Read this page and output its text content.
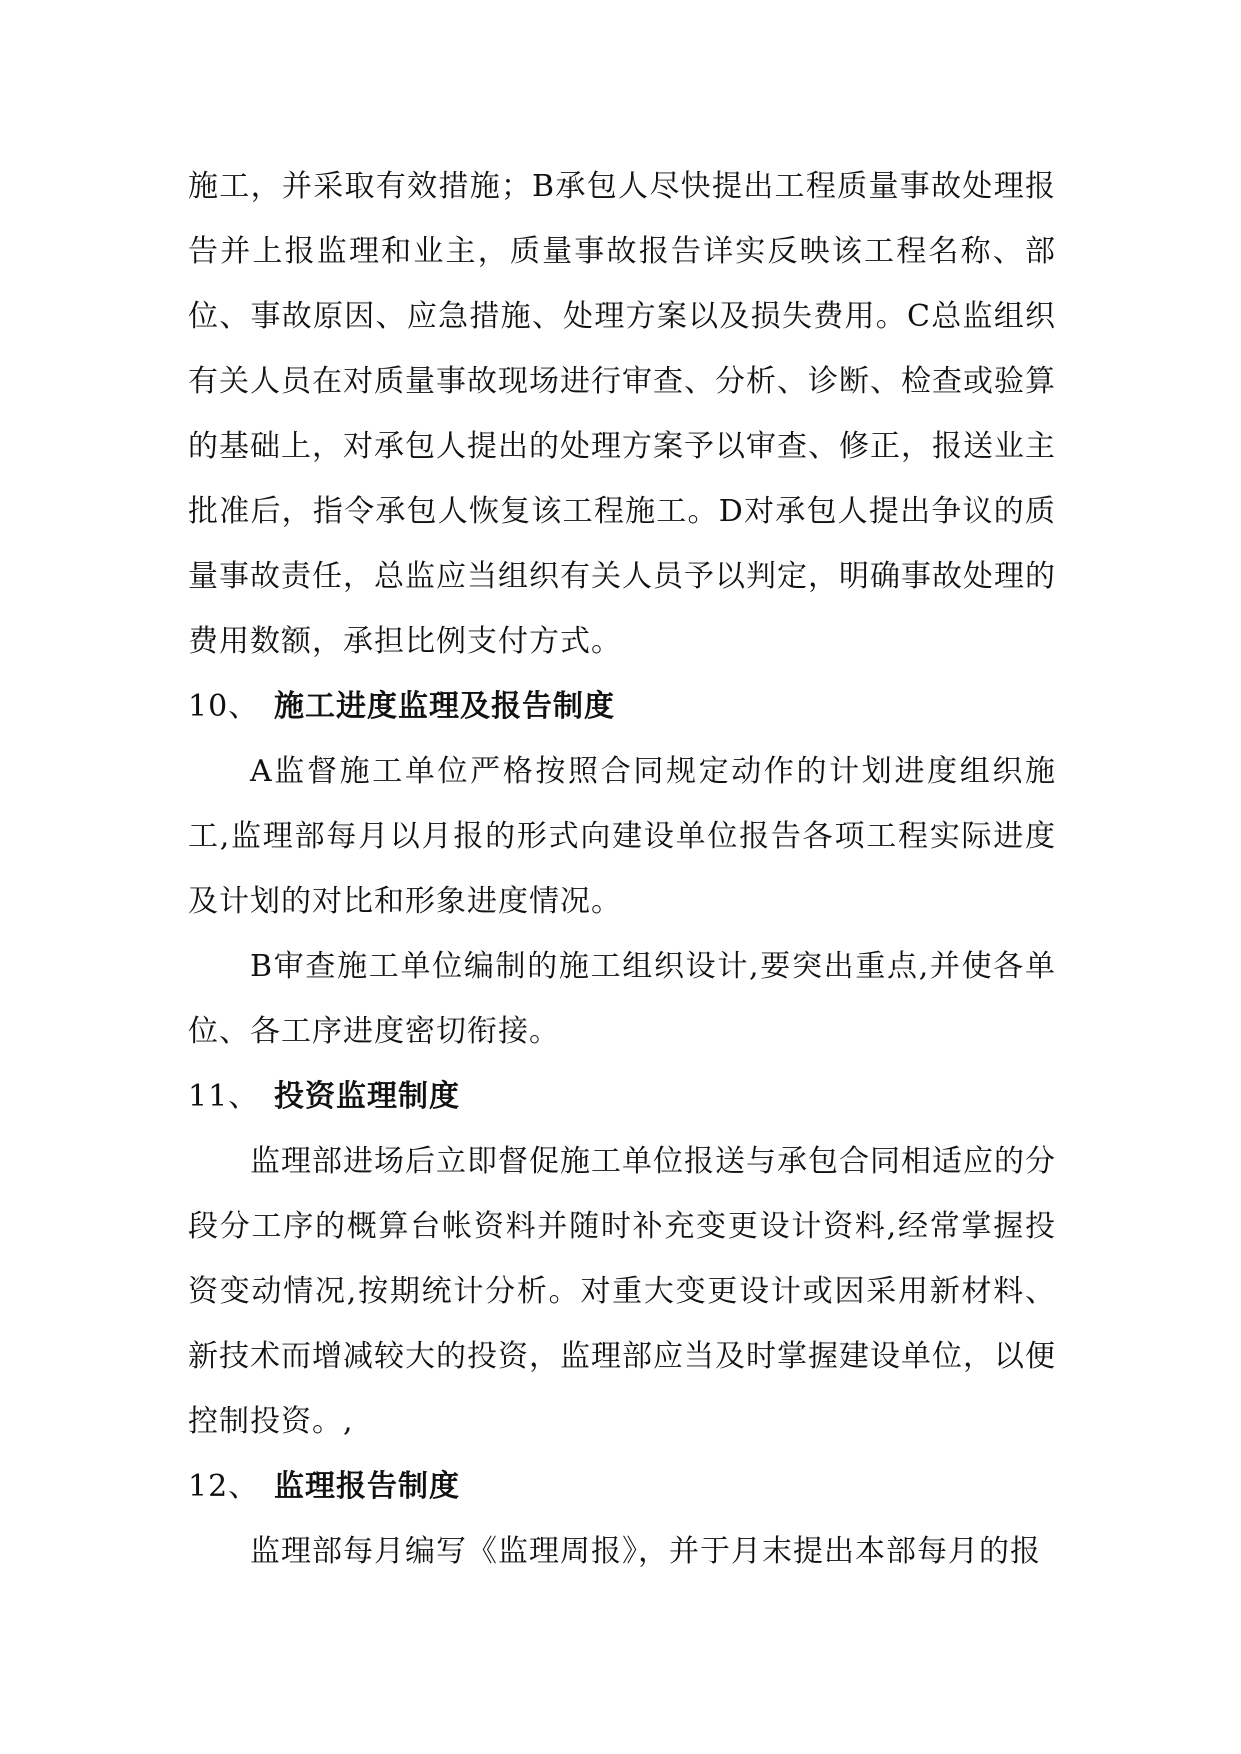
施工，并采取有效措施；B承包人尽快提出工程质量事故处理报告并上报监理和业主，质量事故报告详实反映该工程名称、部位、事故原因、应急措施、处理方案以及损失费用。C总监组织有关人员在对质量事故现场进行审查、分析、诊断、检查或验算的基础上，对承包人提出的处理方案予以审查、修正，报送业主批准后，指令承包人恢复该工程施工。D对承包人提出争议的质量事故责任，总监应当组织有关人员予以判定，明确事故处理的费用数额，承担比例支付方式。

10、 施工进度监理及报告制度

A监督施工单位严格按照合同规定动作的计划进度组织施工,监理部每月以月报的形式向建设单位报告各项工程实际进度及计划的对比和形象进度情况。

B审查施工单位编制的施工组织设计,要突出重点,并使各单位、各工序进度密切衔接。

11、 投资监理制度

监理部进场后立即督促施工单位报送与承包合同相适应的分段分工序的概算台帐资料并随时补充变更设计资料,经常掌握投资变动情况,按期统计分析。对重大变更设计或因采用新材料、新技术而增减较大的投资，监理部应当及时掌握建设单位，以便控制投资。,

12、 监理报告制度

监理部每月编写《监理周报》，并于月末提出本部每月的报
